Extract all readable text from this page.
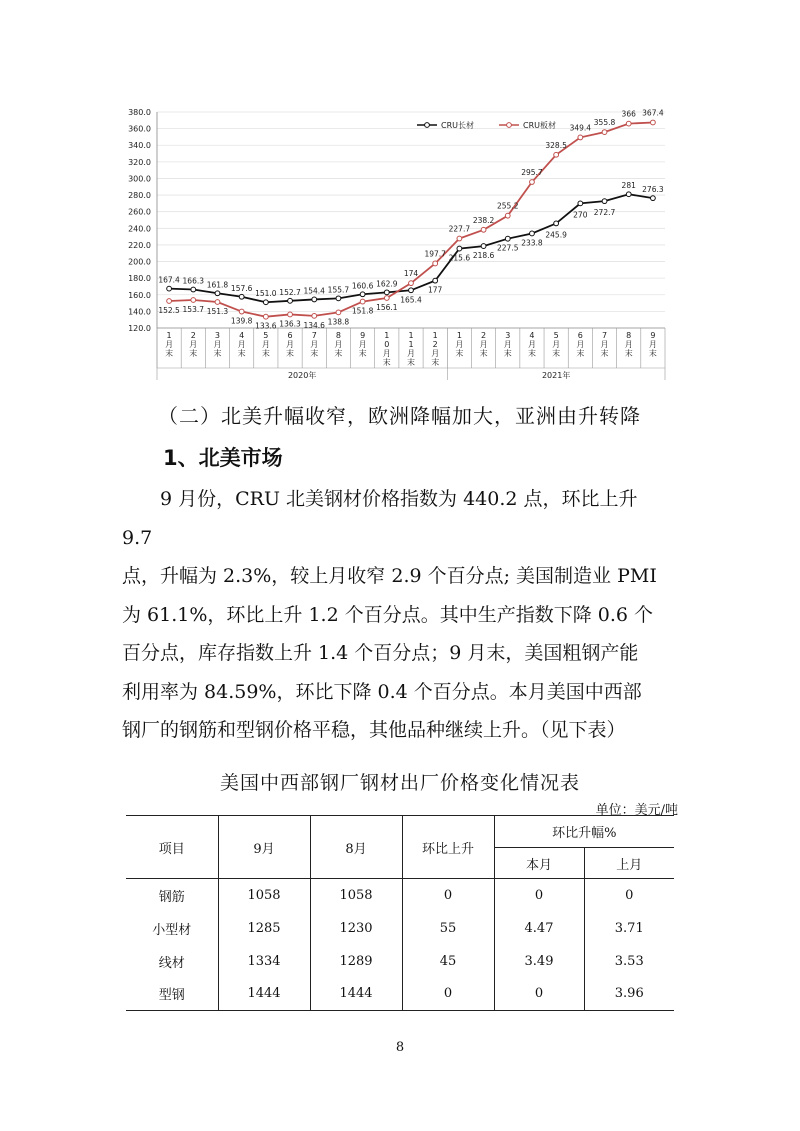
120.0
140.0
160.0
180.0
200.0
220.0
240.0
260.0
280.0
300.0
320.0
340.0
360.0
380.0
1 月末
2 月末
3 月末
4 月末
5 月末
6 月末
7 月末
8 月末
9 月末
1 0 月末
1 1 月末
1 2 月末
1 月末
2 月末
3 月末
4 月末
5 月末
6 月末
7 月末
8 月末
9 月末
2020年	2021年
167.4 166.3 161.8 157.6
151.0 152.7 154.4 155.7 160.6 162.9
165.4
177
215.6 218.6
227.5
233.8
245.9
270 272.7
281 276.3
152.5 153.7 151.3
139.8
133.6 136.3 134.6 138.8
151.8 156.1
174
197.7
227.7
238.2
255.2
295.7
328.5
349.4
355.8
366 367.4
CRU长材	CRU板材
（二）北美升幅收窄，欧洲降幅加大，亚洲由升转降
1、北美市场
9 月份，CRU 北美钢材价格指数为 440.2 点，环比上升
9.7
点，升幅为 2.3%，较上月收窄 2.9 个百分点; 美国制造业 PMI
为 61.1%，环比上升 1.2 个百分点。其中生产指数下降 0.6 个
百分点，库存指数上升 1.4 个百分点；9 月末，美国粗钢产能
利用率为 84.59%，环比下降 0.4 个百分点。本月美国中西部
钢厂的钢筋和型钢价格平稳，其他品种继续上升。（见下表）
美国中西部钢厂钢材出厂价格变化情况表
单位：美元/吨
项目	9月	8月	环比上升	环比升幅%	
				本月	上月
钢筋	1058	1058	0	0	0
小型材	1285	1230	55	4.47	3.71
线材	1334	1289	45	3.49	3.53
型钢	1444	1444	0	0	3.96
8
